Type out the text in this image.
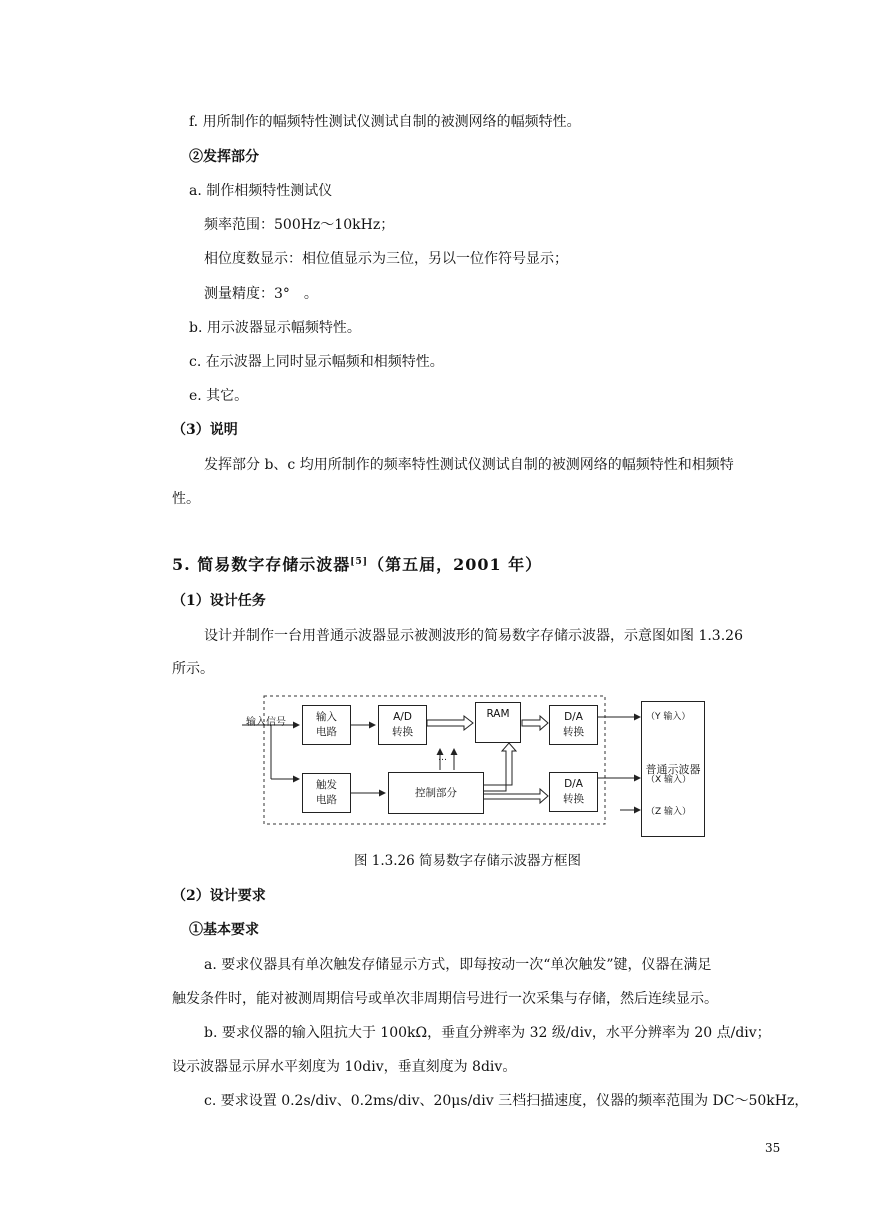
f. 用所制作的幅频特性测试仪测试自制的被测网络的幅频特性。
②发挥部分
a. 制作相频特性测试仪
频率范围：500Hz～10kHz；
相位度数显示：相位值显示为三位，另以一位作符号显示；
测量精度：3°　。
b. 用示波器显示幅频特性。
c. 在示波器上同时显示幅频和相频特性。
e. 其它。
（3）说明
发挥部分 b、c 均用所制作的频率特性测试仪测试自制的被测网络的幅频特性和相频特
性。
5. 简易数字存储示波器[5]（第五届，2001 年）
（1）设计任务
设计并制作一台用普通示波器显示被测波形的简易数字存储示波器，示意图如图 1.3.26
所示。
输入信号	输入
电路
A/D
转换
RAM	D/A
转换
触发
电路
控制部分
…
D/A
转换
普通示波器
（Y 输入）
（X 输入）
（Z 输入）
图 1.3.26 简易数字存储示波器方框图
（2）设计要求
①基本要求
a. 要求仪器具有单次触发存储显示方式，即每按动一次“单次触发”键，仪器在满足
触发条件时，能对被测周期信号或单次非周期信号进行一次采集与存储，然后连续显示。
b. 要求仪器的输入阻抗大于 100kΩ，垂直分辨率为 32 级/div，水平分辨率为 20 点/div；
设示波器显示屏水平刻度为 10div，垂直刻度为 8div。
c. 要求设置 0.2s/div、0.2ms/div、20μs/div 三档扫描速度，仪器的频率范围为 DC～50kHz，
35
